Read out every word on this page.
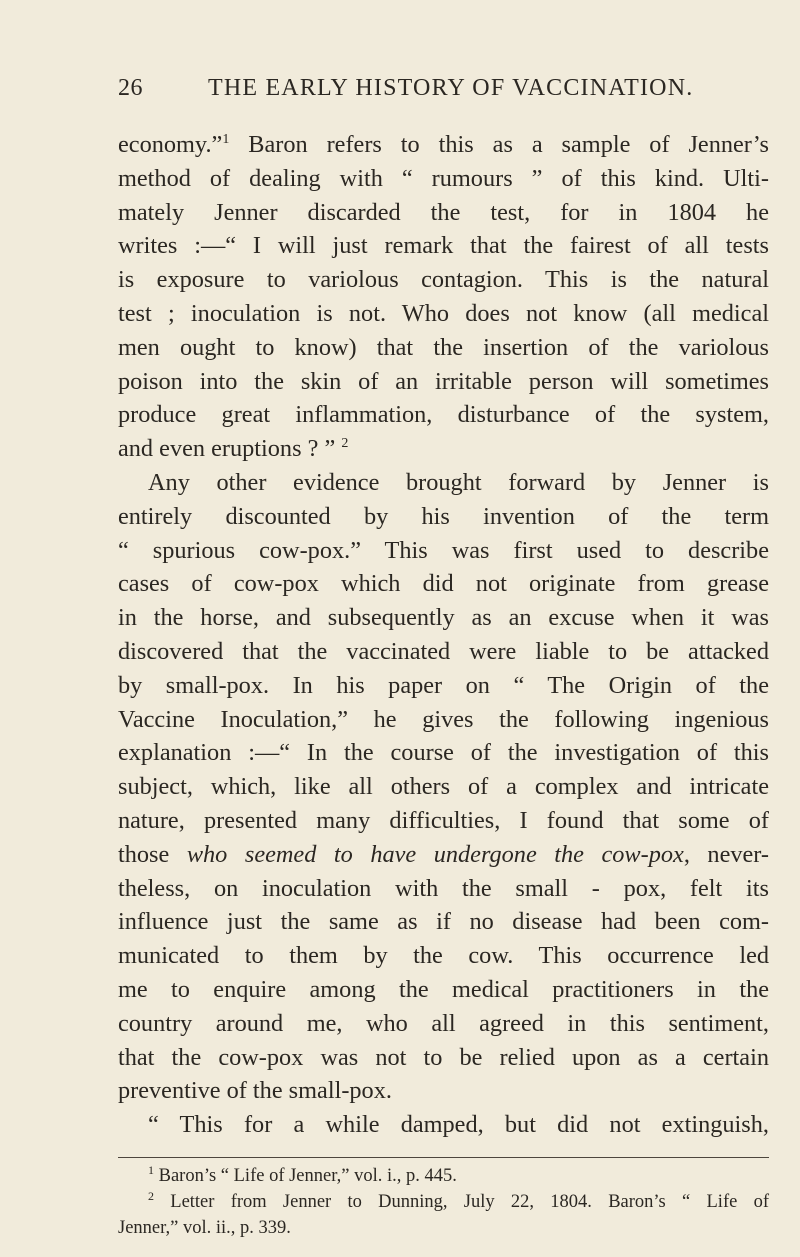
26	THE EARLY HISTORY OF VACCINATION.
economy.”$^1$ Baron refers to this as a sample of Jenner’s
method of dealing with “ rumours ” of this kind. Ulti-
mately Jenner discarded the test, for in 1804 he
writes :—“ I will just remark that the fairest of all tests
is exposure to variolous contagion. This is the natural
test ; inoculation is not. Who does not know (all medical
men ought to know) that the insertion of the variolous
poison into the skin of an irritable person will sometimes
produce great inflammation, disturbance of the system,
and even eruptions ? ” $^2$
Any other evidence brought forward by Jenner is
entirely discounted by his invention of the term
“ spurious cow-pox.” This was first used to describe
cases of cow-pox which did not originate from grease
in the horse, and subsequently as an excuse when it was
discovered that the vaccinated were liable to be attacked
by small-pox. In his paper on “ The Origin of the
Vaccine Inoculation,” he gives the following ingenious
explanation :—“ In the course of the investigation of this
subject, which, like all others of a complex and intricate
nature, presented many difficulties, I found that some of
those who seemed to have undergone the cow-pox, never-
theless, on inoculation with the small - pox, felt its
influence just the same as if no disease had been com-
municated to them by the cow. This occurrence led
me to enquire among the medical practitioners in the
country around me, who all agreed in this sentiment,
that the cow-pox was not to be relied upon as a certain
preventive of the small-pox.
“ This for a while damped, but did not extinguish,
$^1$ Baron’s “ Life of Jenner,” vol. i., p. 445.
$^2$ Letter from Jenner to Dunning, July 22, 1804. Baron’s “ Life of
Jenner,” vol. ii., p. 339.
